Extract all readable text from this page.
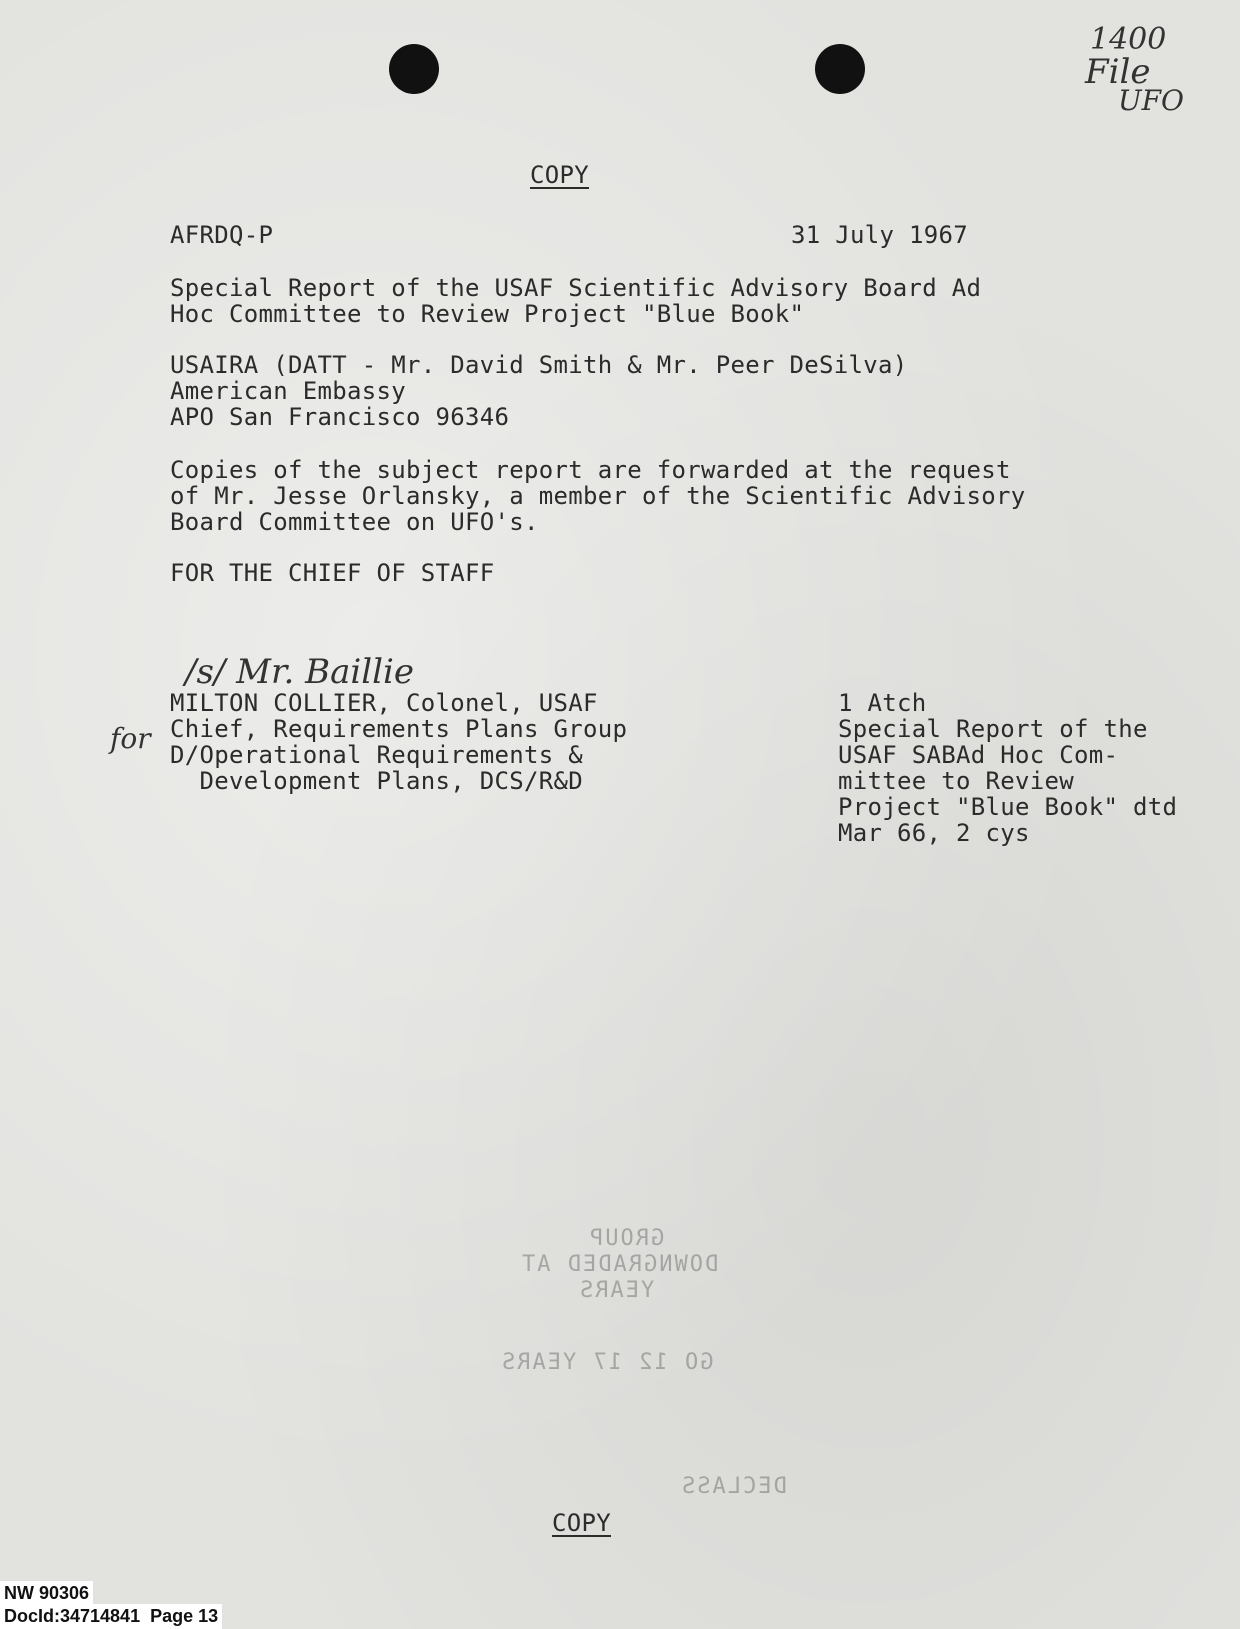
1400
File
UFO
COPY
AFRDQ-P	31 July 1967
Special Report of the USAF Scientific Advisory Board Ad
Hoc Committee to Review Project "Blue Book"
USAIRA (DATT - Mr. David Smith & Mr. Peer DeSilva)
American Embassy
APO San Francisco 96346
Copies of the subject report are forwarded at the request
of Mr. Jesse Orlansky, a member of the Scientific Advisory
Board Committee on UFO's.
FOR THE CHIEF OF STAFF
/s/ Mr. Baillie
for
MILTON COLLIER, Colonel, USAF
Chief, Requirements Plans Group
D/Operational Requirements &
Development Plans, DCS/R&D
1 Atch
Special Report of the
USAF SABAd Hoc Com-
mittee to Review
Project "Blue Book" dtd
Mar 66, 2 cys
GROUP
DOWNGRADED AT
YEARS
GO 12 17 YEARS
DECLASS
COPY
NW 90306
DocId:34714841  Page 13
